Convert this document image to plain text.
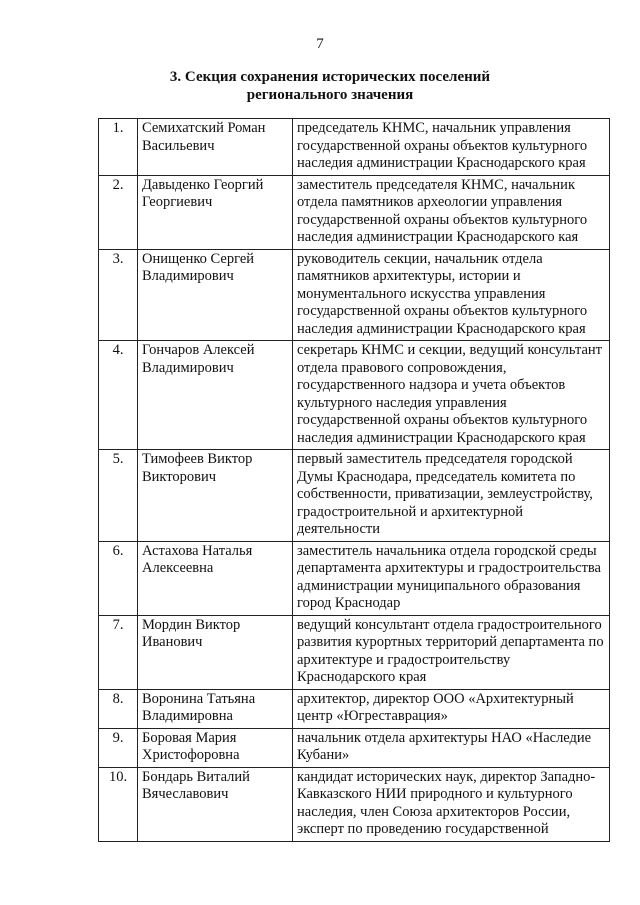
7
3. Секция сохранения исторических поселений
регионального значения
1.	Семихатский Роман Васильевич	председатель КНМС, начальник управления государственной охраны объектов культурного наследия администрации Краснодарского края
2.	Давыденко Георгий Георгиевич	заместитель председателя КНМС, начальник отдела памятников археологии управления государственной охраны объектов культурного наследия администрации Краснодарского кая
3.	Онищенко Сергей Владимирович	руководитель секции, начальник отдела памятников архитектуры, истории и монументального искусства управления государственной охраны объектов культурного наследия администрации Краснодарского края
4.	Гончаров Алексей Владимирович	секретарь КНМС и секции, ведущий консультант отдела правового сопровождения, государственного надзора и учета объектов культурного наследия управления государственной охраны объектов культурного наследия администрации Краснодарского края
5.	Тимофеев Виктор Викторович	первый заместитель председателя городской Думы Краснодара, председатель комитета по собственности, приватизации, землеустройству, градостроительной и архитектурной деятельности
6.	Астахова Наталья Алексеевна	заместитель начальника отдела городской среды департамента архитектуры и градостроительства администрации муниципального образования город Краснодар
7.	Мордин Виктор Иванович	ведущий консультант отдела градостроительного развития курортных территорий департамента по архитектуре и градостроительству Краснодарского края
8.	Воронина Татьяна Владимировна	архитектор, директор ООО «Архитектурный центр «Югреставрация»
9.	Боровая Мария Христофоровна	начальник отдела архитектуры НАО «Наследие Кубани»
10.	Бондарь Виталий Вячеславович	кандидат исторических наук, директор Западно-Кавказского НИИ природного и культурного наследия, член Союза архитекторов России, эксперт по проведению государственной
